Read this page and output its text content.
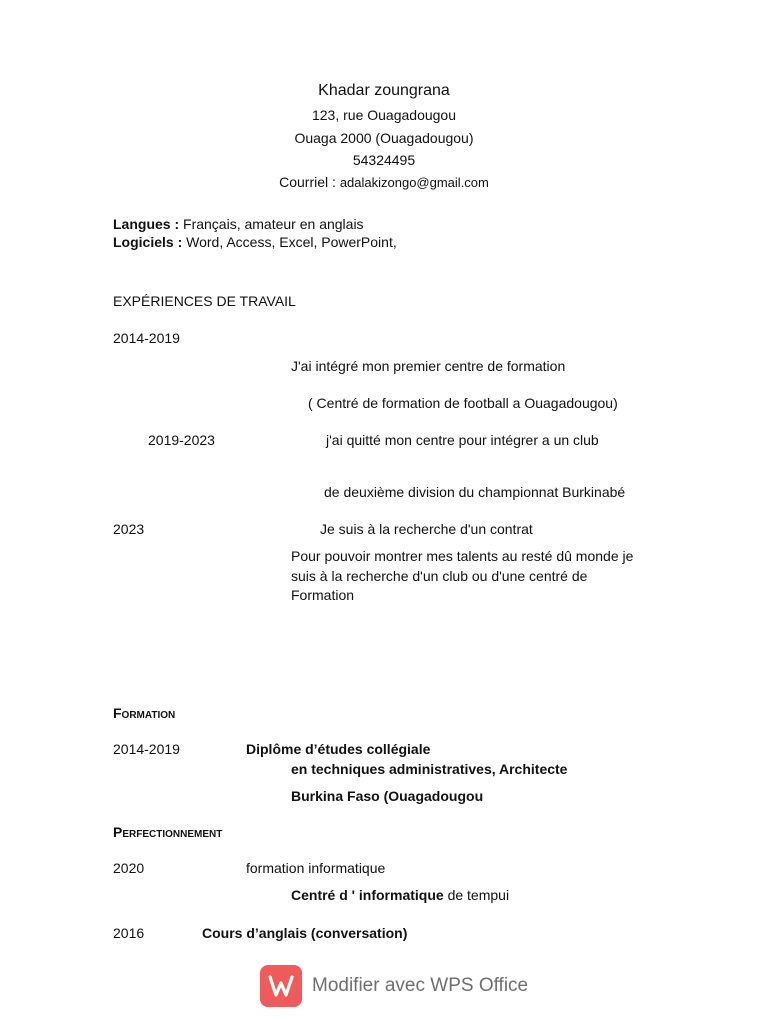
Khadar zoungrana
123, rue Ouagadougou
Ouaga 2000 (Ouagadougou)
54324495
Courriel : adalakizongo@gmail.com
Langues : Français, amateur en anglais
Logiciels : Word, Access, Excel, PowerPoint,
EXPÉRIENCES DE TRAVAIL
2014-2019
J'ai intégré mon premier centre de formation
( Centré de formation de football a Ouagadougou)
2019-2023	j'ai quitté mon centre pour intégrer a un club
de deuxième division du championnat Burkinabé
2023	Je suis à la recherche d'un contrat
Pour pouvoir montrer mes talents au resté dû monde je suis à la recherche d'un club ou d'une centré de Formation
Formation
2014-2019	Diplôme d’études collégiale
en techniques administratives, Architecte
Burkina Faso (Ouagadougou
Perfectionnement
2020	formation informatique
Centré d ' informatique de tempui
2016	Cours d’anglais (conversation)
Modifier avec WPS Office
